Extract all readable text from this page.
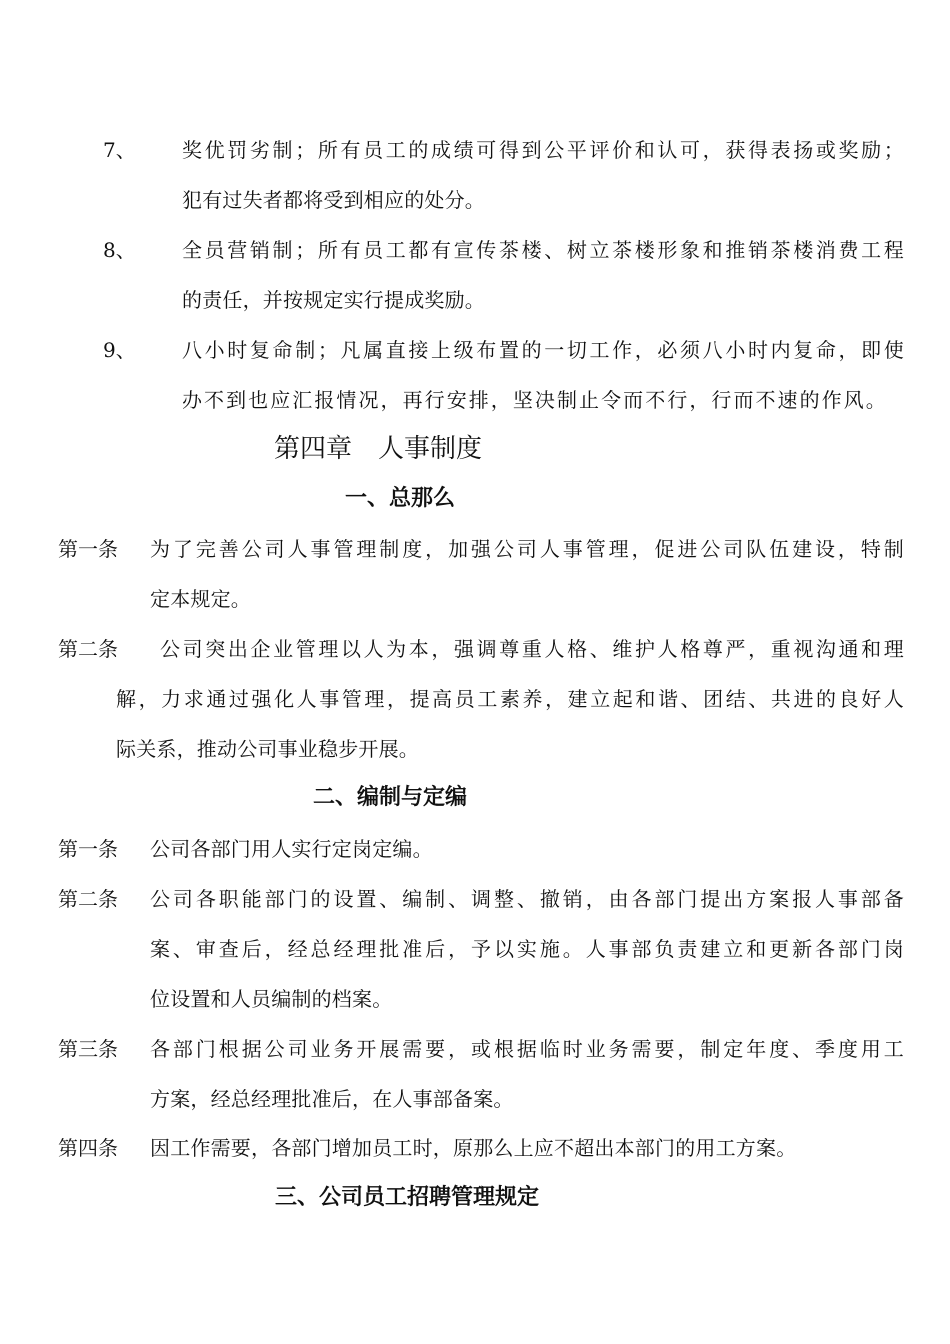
7、 奖优罚劣制；所有员工的成绩可得到公平评价和认可，获得表扬或奖励；
犯有过失者都将受到相应的处分。
8、 全员营销制；所有员工都有宣传茶楼、树立茶楼形象和推销茶楼消费工程
的责任，并按规定实行提成奖励。
9、 八小时复命制；凡属直接上级布置的一切工作，必须八小时内复命，即使
办不到也应汇报情况，再行安排，坚决制止令而不行，行而不速的作风。
第四章　人事制度
一、总那么
第一条 为了完善公司人事管理制度，加强公司人事管理，促进公司队伍建设，特制
定本规定。
第二条 公司突出企业管理以人为本，强调尊重人格、维护人格尊严，重视沟通和理
解，力求通过强化人事管理，提高员工素养，建立起和谐、团结、共进的良好人
际关系，推动公司事业稳步开展。
二、编制与定编
第一条 公司各部门用人实行定岗定编。
第二条 公司各职能部门的设置、编制、调整、撤销，由各部门提出方案报人事部备
案、审查后，经总经理批准后，予以实施。人事部负责建立和更新各部门岗
位设置和人员编制的档案。
第三条 各部门根据公司业务开展需要，或根据临时业务需要，制定年度、季度用工
方案，经总经理批准后，在人事部备案。
第四条 因工作需要，各部门增加员工时，原那么上应不超出本部门的用工方案。
三、公司员工招聘管理规定
